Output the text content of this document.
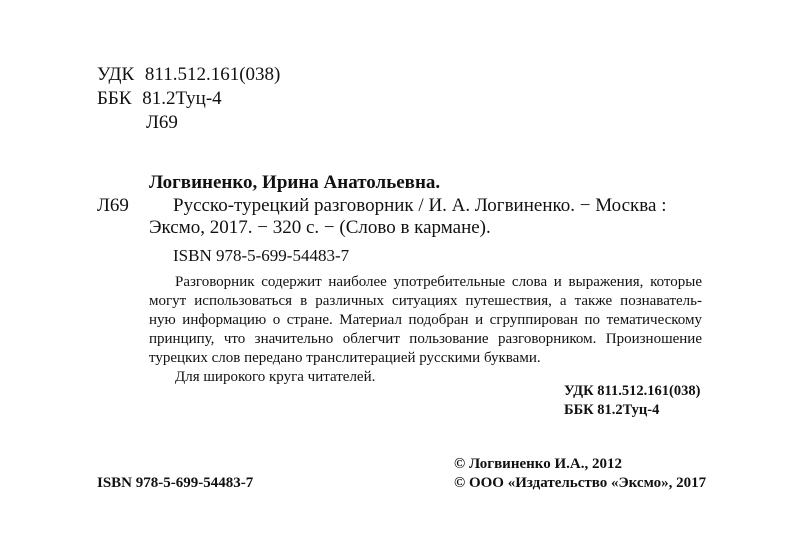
УДК 811.512.161(038)
ББК 81.2Туц-4
Л69
Логвиненко, Ирина Анатольевна.
Л69 Русско-турецкий разговорник / И. А. Логвиненко. − Москва :
Эксмо, 2017. − 320 с. − (Слово в кармане).
ISBN 978-5-699-54483-7
Разговорник содержит наиболее употребительные слова и выражения, которые
могут использоваться в различных ситуациях путешествия, а также познаватель-
ную информацию о стране. Материал подобран и сгруппирован по тематическому
принципу, что значительно облегчит пользование разговорником. Произношение
турецких слов передано транслитерацией русскими буквами.
Для широкого круга читателей.
УДК 811.512.161(038)
ББК 81.2Туц-4
© Логвиненко И.А., 2012
ISBN 978-5-699-54483-7	© ООО «Издательство «Эксмо», 2017
